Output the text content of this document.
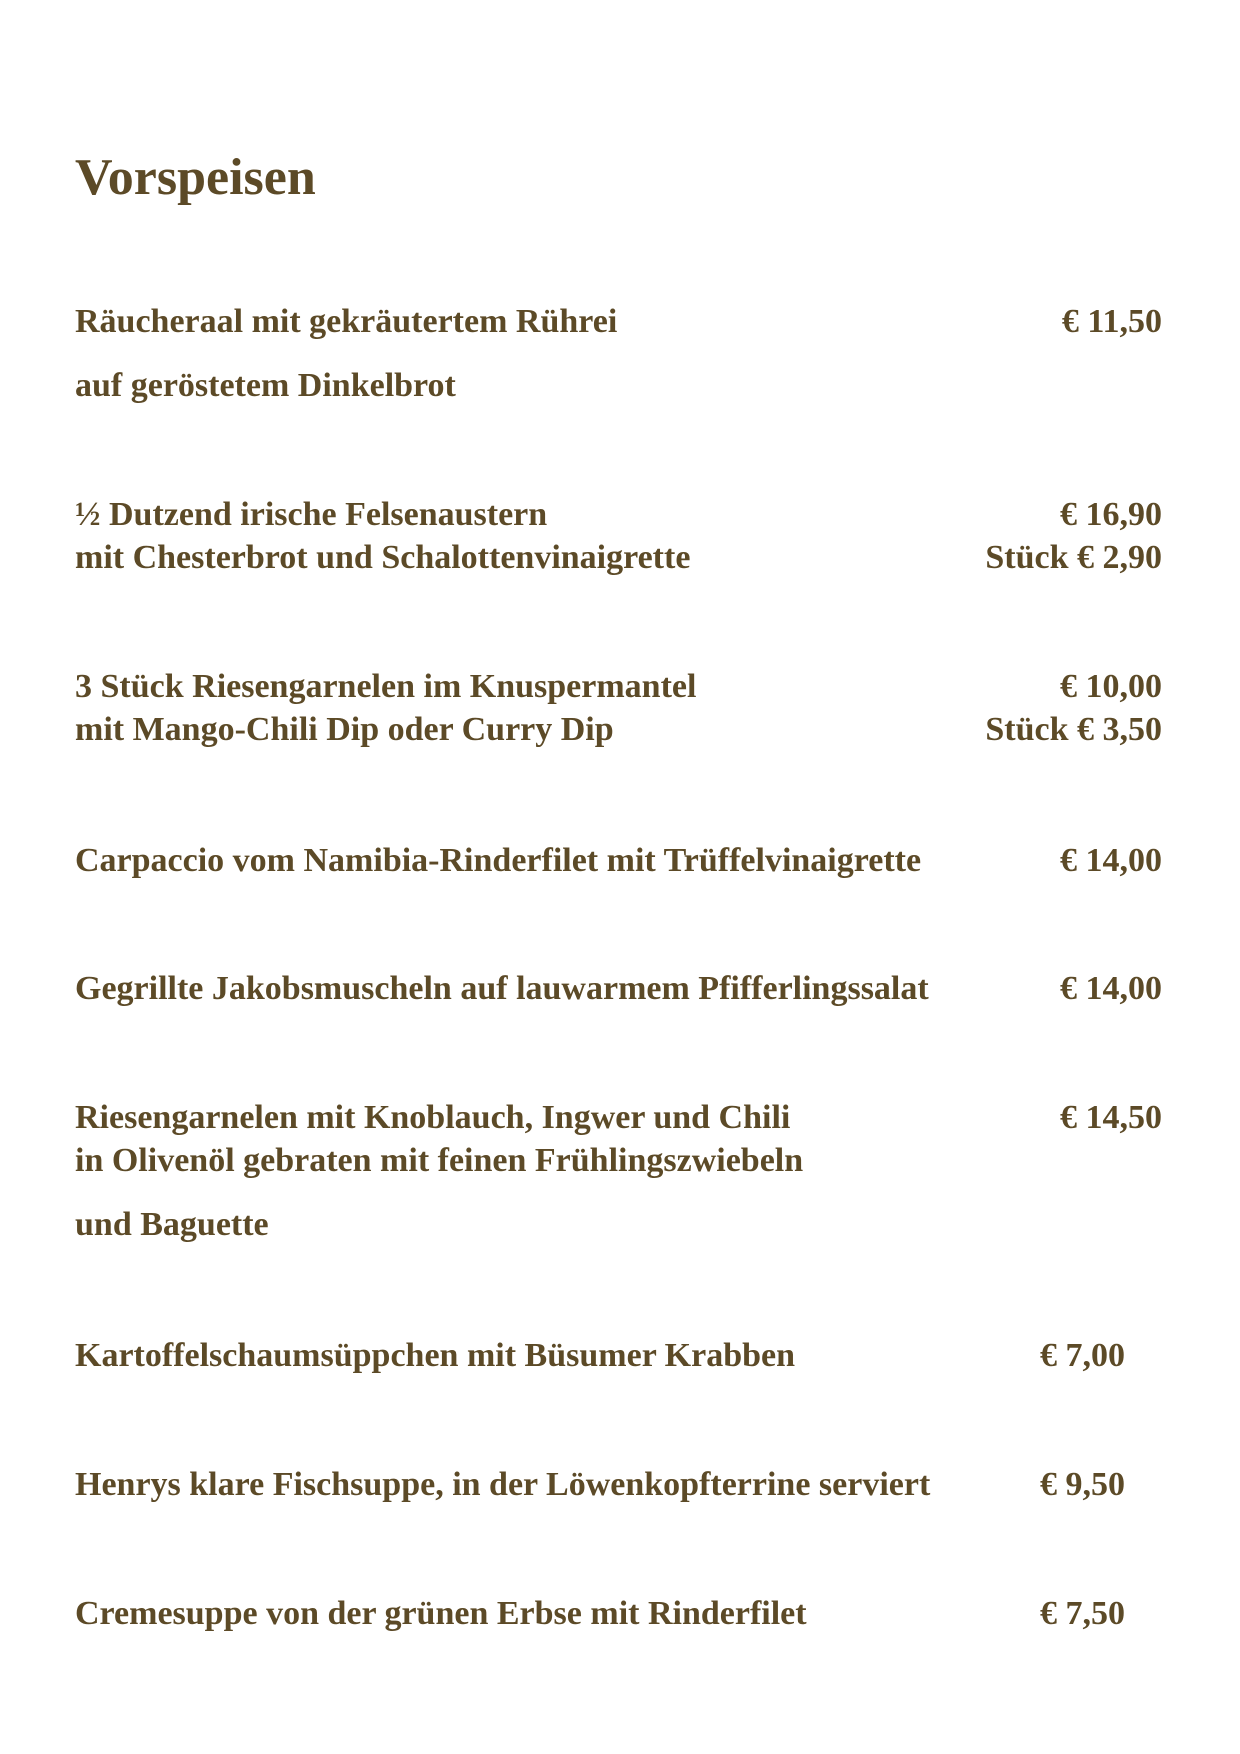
Vorspeisen
Räucheraal mit gekräutertem Rührei	€ 11,50
auf geröstetem Dinkelbrot
½ Dutzend irische Felsenaustern	€ 16,90
mit Chesterbrot und Schalottenvinaigrette	Stück € 2,90
3 Stück Riesengarnelen im Knuspermantel	€ 10,00
mit Mango-Chili Dip oder Curry Dip	Stück € 3,50
Carpaccio vom Namibia-Rinderfilet mit Trüffelvinaigrette	€ 14,00
Gegrillte Jakobsmuscheln auf lauwarmem Pfifferlingssalat	€ 14,00
Riesengarnelen mit Knoblauch, Ingwer und Chili	€ 14,50
in Olivenöl gebraten mit feinen Frühlingszwiebeln
und Baguette
Kartoffelschaumsüppchen mit Büsumer Krabben	€ 7,00
Henrys klare Fischsuppe, in der Löwenkopfterrine serviert	€ 9,50
Cremesuppe von der grünen Erbse mit Rinderfilet	€ 7,50
